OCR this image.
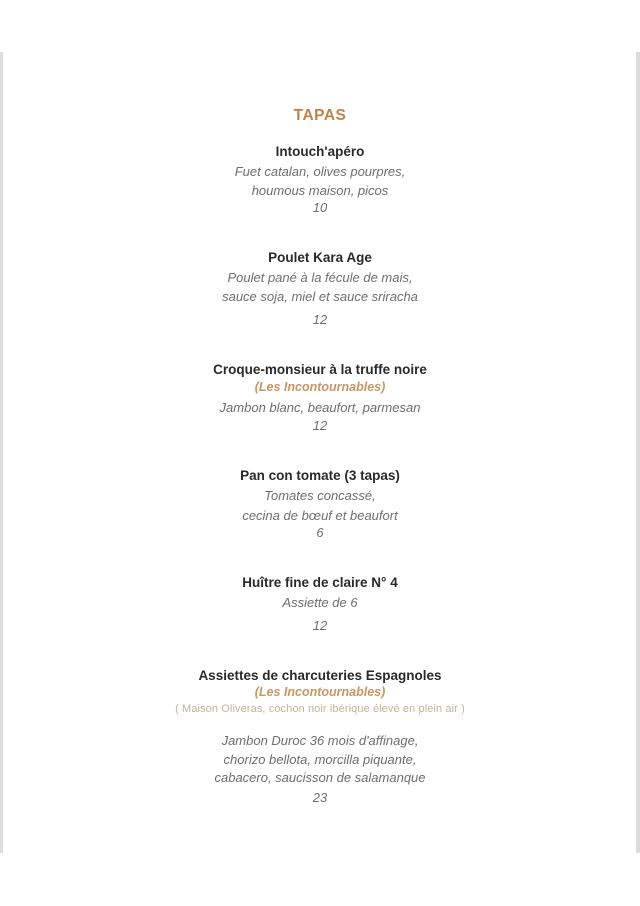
TAPAS
Intouch'apéro
Fuet catalan, olives pourpres,
houmous maison, picos
10
Poulet Kara Age
Poulet pané à la fécule de mais,
sauce soja, miel et sauce sriracha
12
Croque-monsieur à la truffe noire
(Les Incontournables)
Jambon blanc, beaufort, parmesan
12
Pan con tomate (3 tapas)
Tomates concassé,
cecina de bœuf et beaufort
6
Huître fine de claire N° 4
Assiette de 6
12
Assiettes de charcuteries Espagnoles
(Les Incontournables)
( Maison Oliveras, cochon noir ibérique élevé en plein air )
Jambon Duroc 36 mois d'affinage,
chorizo bellota, morcilla piquante,
cabacero, saucisson de salamanque
23
